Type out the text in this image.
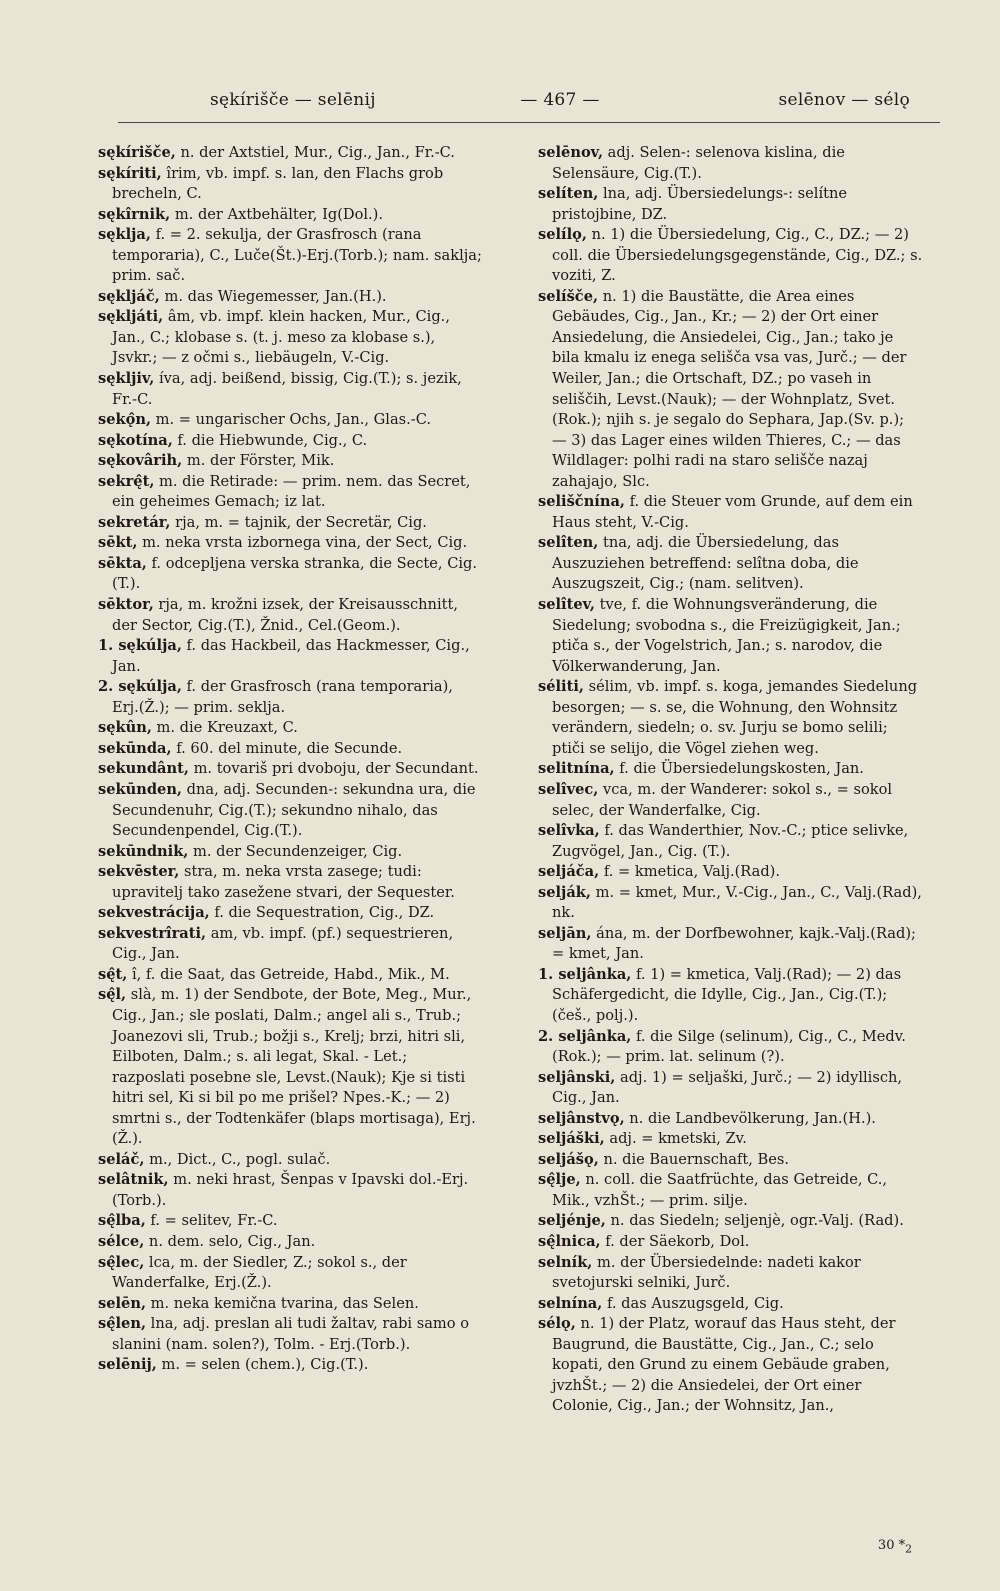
sękírišče — selēnij	— 467 —	selēnov — sélǫ

sękírišče, n. der Axtstiel, Mur., Cig., Jan., Fr.-C.

sękíriti, îrim, vb. impf. s. lan, den Flachs grob brecheln, C.

sękîrnik, m. der Axtbehälter, Ig(Dol.).

sęklja, f. = 2. sekulja, der Grasfrosch (rana temporaria), C., Luče(Št.)-Erj.(Torb.); nam. saklja; prim. sač.

sękljáč, m. das Wiegemesser, Jan.(H.).

sękljáti, âm, vb. impf. klein hacken, Mur., Cig., Jan., C.; klobase s. (t. j. meso za klobase s.), Jsvkr.; — z očmi s., liebäugeln, V.-Cig.

sękljiv, íva, adj. beißend, bissig, Cig.(T.); s. jezik, Fr.-C.

sekǫ̂n, m. = ungarischer Ochs, Jan., Glas.-C.

sękotína, f. die Hiebwunde, Cig., C.

sękovârih, m. der Förster, Mik.

sekrę̂t, m. die Retirade: — prim. nem. das Secret, ein geheimes Gemach; iz lat.

sekretár, rja, m. = tajnik, der Secretär, Cig.

sēkt, m. neka vrsta izbornega vina, der Sect, Cig.

sēkta, f. odcepljena verska stranka, die Secte, Cig.(T.).

sēktor, rja, m. krožni izsek, der Kreisausschnitt, der Sector, Cig.(T.), Žnid., Cel.(Geom.).

1. sękúlja, f. das Hackbeil, das Hackmesser, Cig., Jan.

2. sękúlja, f. der Grasfrosch (rana temporaria), Erj.(Ž.); — prim. seklja.

sękûn, m. die Kreuzaxt, C.

sekūnda, f. 60. del minute, die Secunde.

sekundânt, m. tovariš pri dvoboju, der Secundant.

sekūnden, dna, adj. Secunden-: sekundna ura, die Secundenuhr, Cig.(T.); sekundno nihalo, das Secundenpendel, Cig.(T.).

sekūndnik, m. der Secundenzeiger, Cig.

sekvēster, stra, m. neka vrsta zasege; tudi: upravitelj tako zasežene stvari, der Sequester.

sekvestrácija, f. die Sequestration, Cig., DZ.

sekvestrîrati, am, vb. impf. (pf.) sequestrieren, Cig., Jan.

sę̂t, î, f. die Saat, das Getreide, Habd., Mik., M.

sę̂l, slà, m. 1) der Sendbote, der Bote, Meg., Mur., Cig., Jan.; sle poslati, Dalm.; angel ali s., Trub.; Joanezovi sli, Trub.; božji s., Krelj; brzi, hitri sli, Eilboten, Dalm.; s. ali legat, Skal. - Let.; razposlati posebne sle, Levst.(Nauk); Kje si tisti hitri sel, Ki si bil po me prišel? Npes.-K.; — 2) smrtni s., der Todtenkäfer (blaps mortisaga), Erj.(Ž.).

seláč, m., Dict., C., pogl. sulač.

selâtnik, m. neki hrast, Šenpas v Ipavski dol.-Erj.(Torb.).

sę̂lba, f. = selitev, Fr.-C.

sélce, n. dem. selo, Cig., Jan.

sę̂lec, lca, m. der Siedler, Z.; sokol s., der Wanderfalke, Erj.(Ž.).

selēn, m. neka kemična tvarina, das Selen.

sę̂len, lna, adj. preslan ali tudi žaltav, rabi samo o slanini (nam. solen?), Tolm. - Erj.(Torb.).

selēnij, m. = selen (chem.), Cig.(T.).

selēnov, adj. Selen-: selenova kislina, die Selensäure, Cig.(T.).

selíten, lna, adj. Übersiedelungs-: selítne pristojbine, DZ.

selílǫ, n. 1) die Übersiedelung, Cig., C., DZ.; — 2) coll. die Übersiedelungsgegenstände, Cig., DZ.; s. voziti, Z.

selíšče, n. 1) die Baustätte, die Area eines Gebäudes, Cig., Jan., Kr.; — 2) der Ort einer Ansiedelung, die Ansiedelei, Cig., Jan.; tako je bila kmalu iz enega selišča vsa vas, Jurč.; — der Weiler, Jan.; die Ortschaft, DZ.; po vaseh in seliščih, Levst.(Nauk); — der Wohnplatz, Svet.(Rok.); njih s. je segalo do Sephara, Jap.(Sv. p.); — 3) das Lager eines wilden Thieres, C.; — das Wildlager: polhi radi na staro selišče nazaj zahajajo, Slc.

seliščnína, f. die Steuer vom Grunde, auf dem ein Haus steht, V.-Cig.

selîten, tna, adj. die Übersiedelung, das Auszuziehen betreffend: selîtna doba, die Auszugszeit, Cig.; (nam. selitven).

selîtev, tve, f. die Wohnungsveränderung, die Siedelung; svobodna s., die Freizügigkeit, Jan.; ptiča s., der Vogelstrich, Jan.; s. narodov, die Völkerwanderung, Jan.

séliti, sélim, vb. impf. s. koga, jemandes Siedelung besorgen; — s. se, die Wohnung, den Wohnsitz verändern, siedeln; o. sv. Jurju se bomo selili; ptiči se selijo, die Vögel ziehen weg.

selitnína, f. die Übersiedelungskosten, Jan.

selîvec, vca, m. der Wanderer: sokol s., = sokol selec, der Wanderfalke, Cig.

selîvka, f. das Wanderthier, Nov.-C.; ptice selivke, Zugvögel, Jan., Cig. (T.).

seljáča, f. = kmetica, Valj.(Rad).

selják, m. = kmet, Mur., V.-Cig., Jan., C., Valj.(Rad), nk.

seljān, ána, m. der Dorfbewohner, kajk.-Valj.(Rad); = kmet, Jan.

1. seljânka, f. 1) = kmetica, Valj.(Rad); — 2) das Schäfergedicht, die Idylle, Cig., Jan., Cig.(T.); (češ., polj.).

2. seljânka, f. die Silge (selinum), Cig., C., Medv.(Rok.); — prim. lat. selinum (?).

seljânski, adj. 1) = seljaški, Jurč.; — 2) idyllisch, Cig., Jan.

seljânstvǫ, n. die Landbevölkerung, Jan.(H.).

seljáški, adj. = kmetski, Zv.

seljášǫ, n. die Bauernschaft, Bes.

sę̂lje, n. coll. die Saatfrüchte, das Getreide, C., Mik., vzhŠt.; — prim. silje.

seljénje, n. das Siedeln; seljenjè, ogr.-Valj. (Rad).

sę̂lnica, f. der Säekorb, Dol.

selník, m. der Übersiedelnde: nadeti kakor svetojurski selniki, Jurč.

selnína, f. das Auszugsgeld, Cig.

sélǫ, n. 1) der Platz, worauf das Haus steht, der Baugrund, die Baustätte, Cig., Jan., C.; selo kopati, den Grund zu einem Gebäude graben, jvzhŠt.; — 2) die Ansiedelei, der Ort einer Colonie, Cig., Jan.; der Wohnsitz, Jan.,

30 $*_2$
